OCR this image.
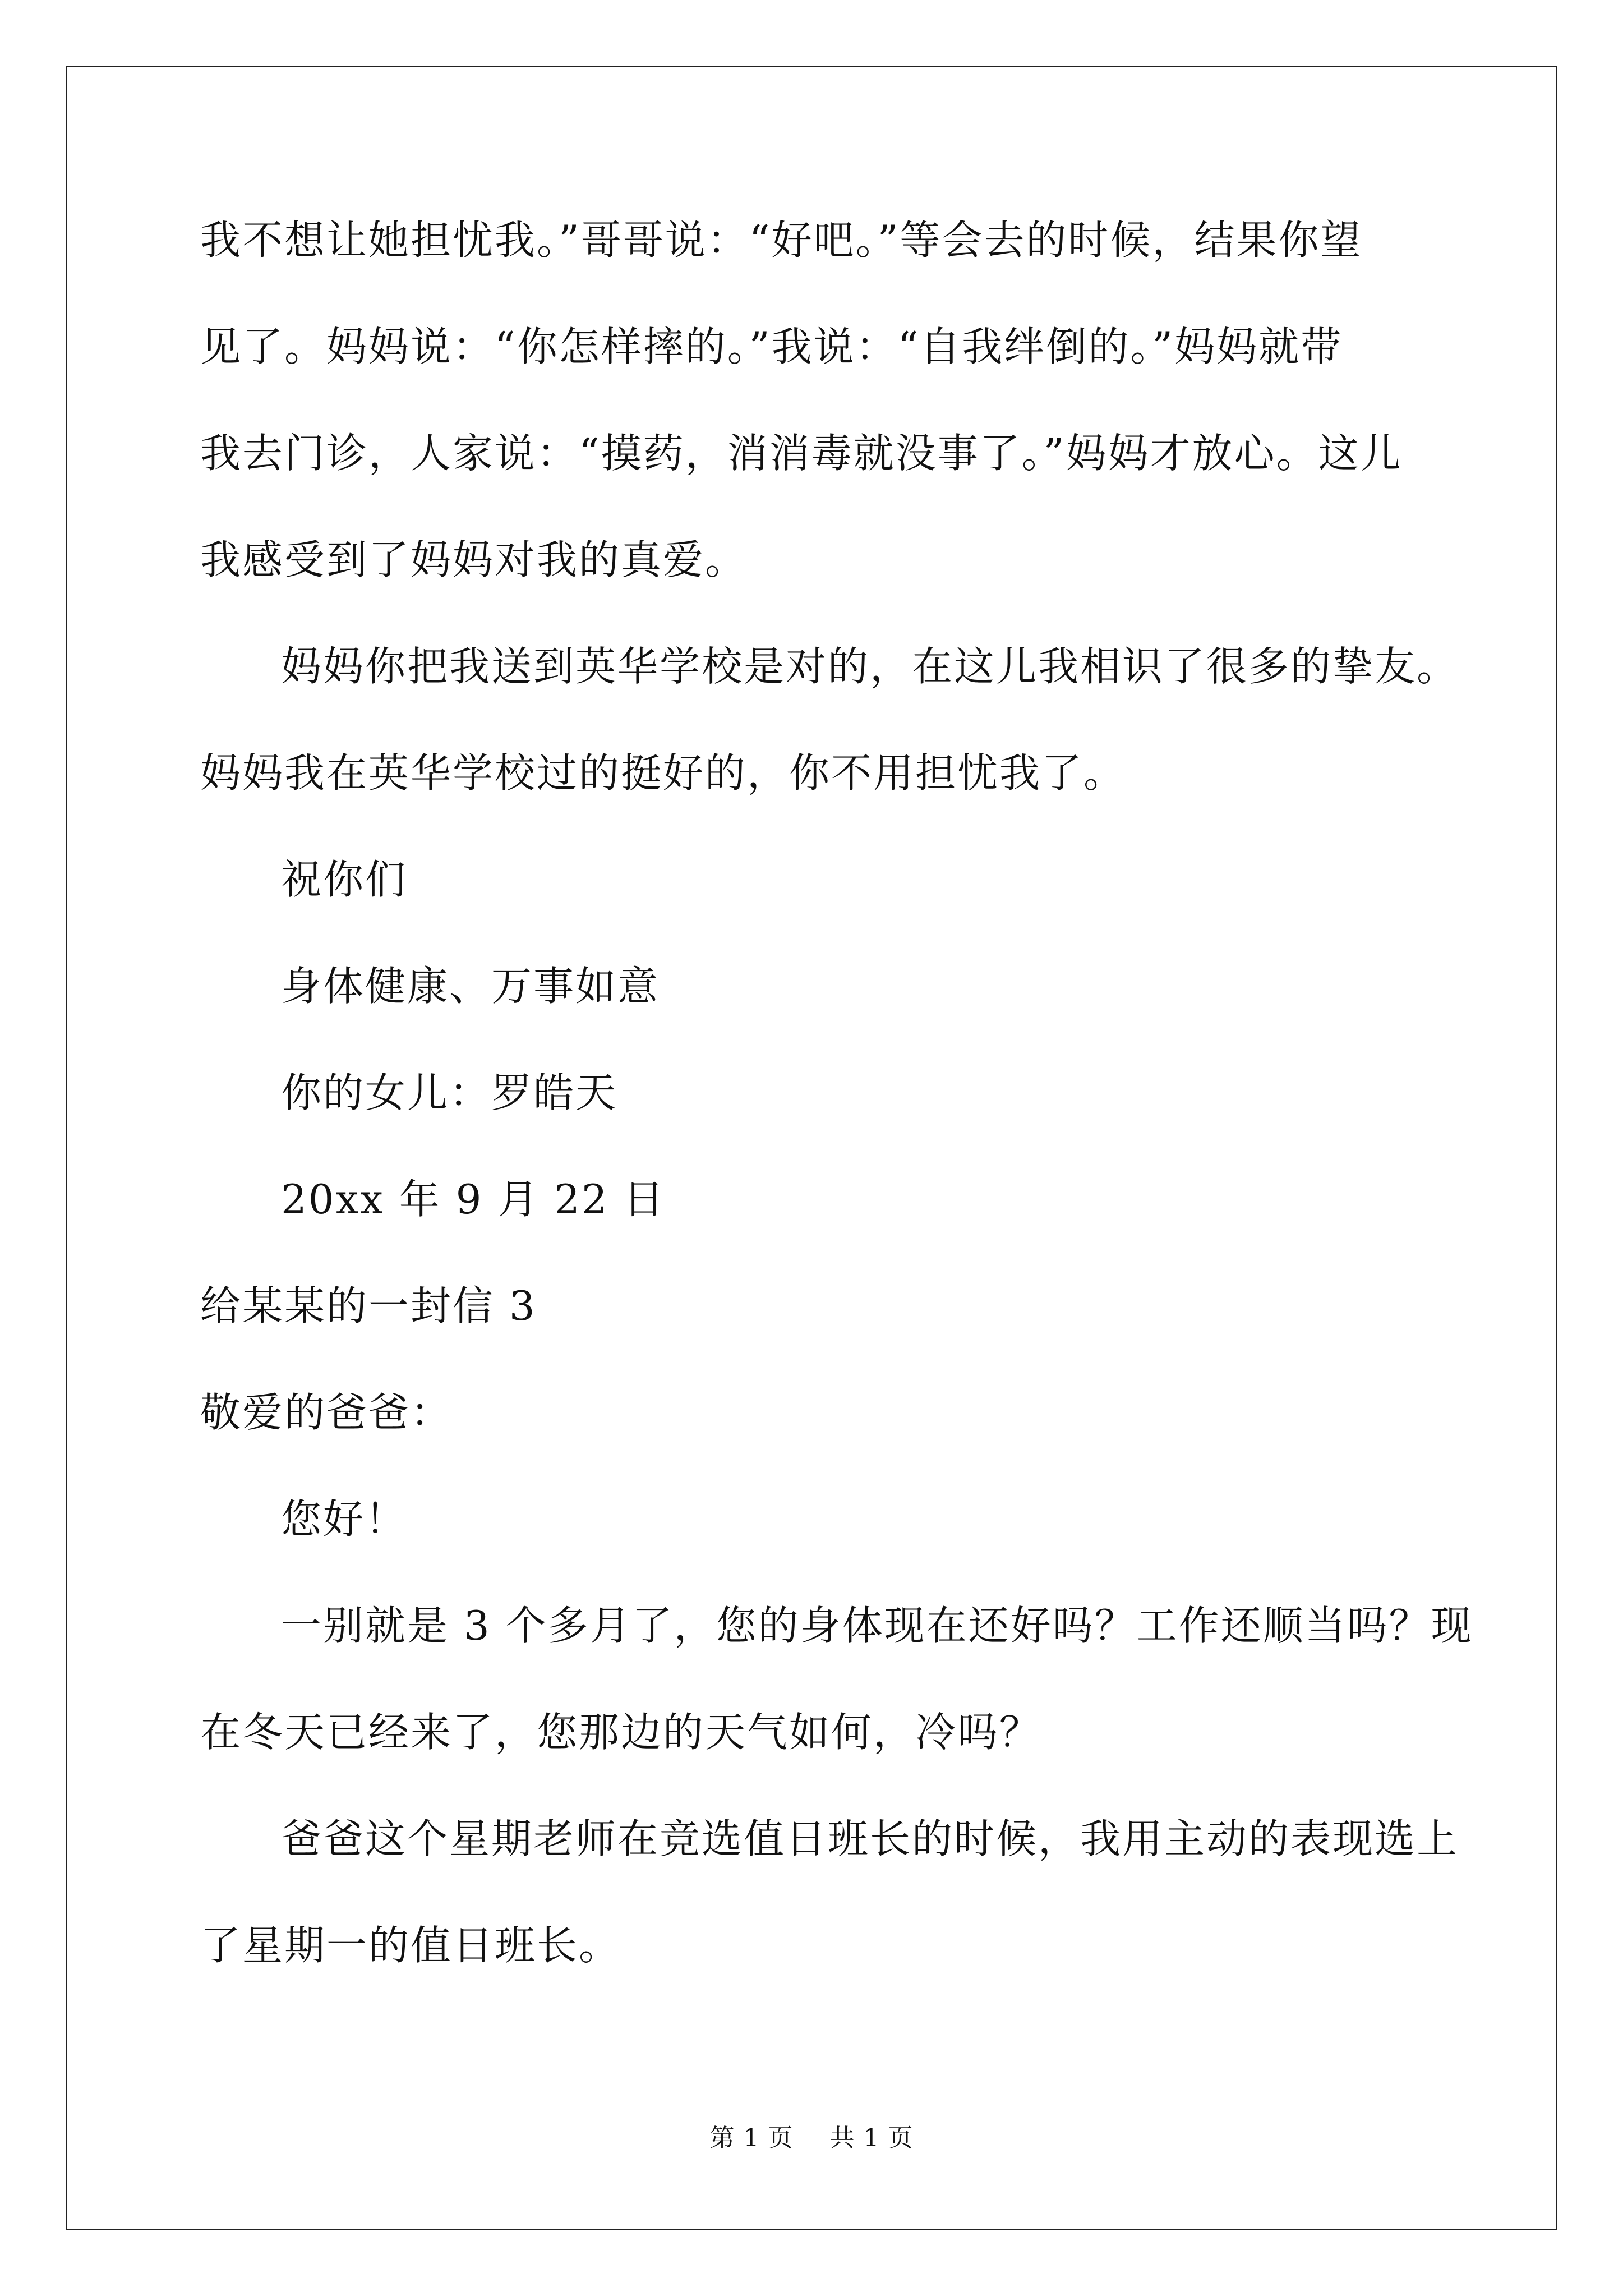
我不想让她担忧我。”哥哥说：“好吧。”等会去的时候，结果你望
见了。妈妈说：“你怎样摔的。”我说：“自我绊倒的。”妈妈就带
我去门诊，人家说：“摸药，消消毒就没事了。”妈妈才放心。这儿
我感受到了妈妈对我的真爱。
妈妈你把我送到英华学校是对的，在这儿我相识了很多的挚友。
妈妈我在英华学校过的挺好的，你不用担忧我了。
祝你们
身体健康、万事如意
你的女儿：罗皓天
20xx 年 9 月 22 日
给某某的一封信 3
敬爱的爸爸：
您好！
一别就是 3 个多月了，您的身体现在还好吗？工作还顺当吗？现
在冬天已经来了，您那边的天气如何，冷吗？
爸爸这个星期老师在竞选值日班长的时候，我用主动的表现选上
了星期一的值日班长。
第 1 页 共 1 页
